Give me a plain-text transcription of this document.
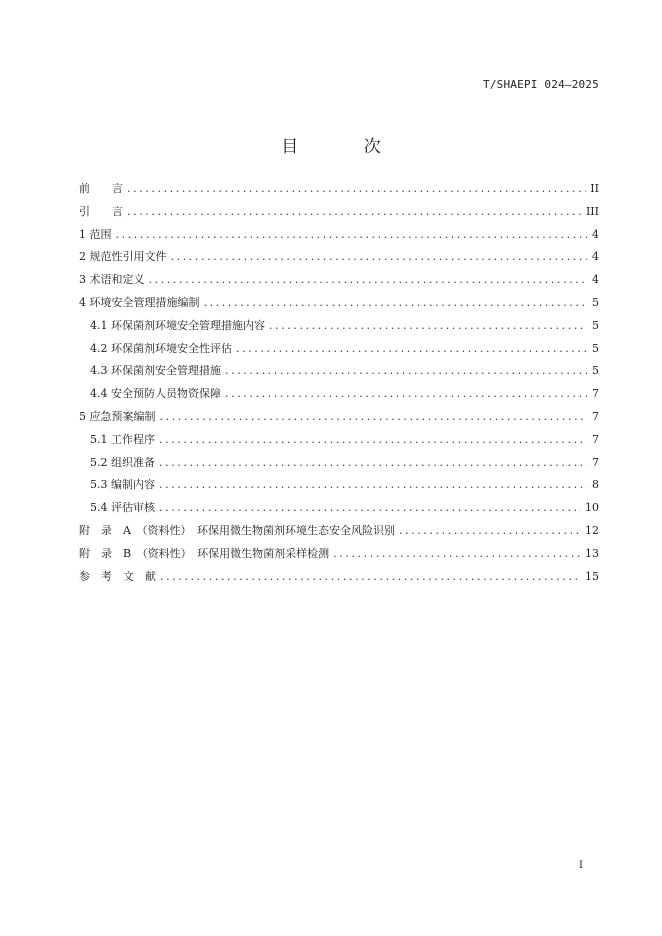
T/SHAEPI 024—2025
目 次
前　　言 .....	II
引　　言 .....	III
1 范围 .....	4
2 规范性引用文件 .....	4
3 术语和定义 .....	4
4 环境安全管理措施编制 .....	5
4.1 环保菌剂环境安全管理措施内容 .....	5
4.2 环保菌剂环境安全性评估 .....	5
4.3 环保菌剂安全管理措施 .....	5
4.4 安全预防人员物资保障 .....	7
5 应急预案编制 .....	7
5.1 工作程序 .....	7
5.2 组织准备 .....	7
5.3 编制内容 .....	8
5.4 评估审核 .....	10
附　录　A　（资料性）　环保用微生物菌剂环境生态安全风险识别 .....	12
附　录　B　（资料性）　环保用微生物菌剂采样检测 .....	13
参　考　文　献 .....	15
I
